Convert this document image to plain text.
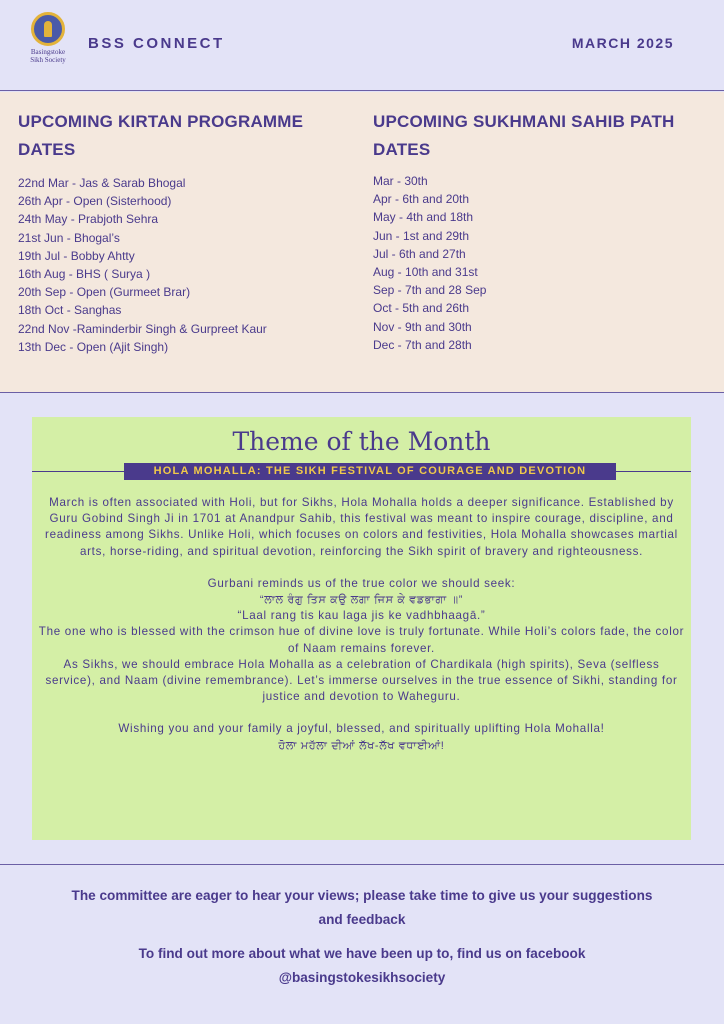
Basingstoke
Sikh Society
BSS CONNECT	MARCH 2025
UPCOMING KIRTAN PROGRAMME DATES
22nd Mar - Jas & Sarab Bhogal
26th Apr - Open (Sisterhood)
24th May - Prabjoth Sehra
21st Jun - Bhogal’s
19th Jul - Bobby Ahtty
16th Aug - BHS ( Surya )
20th Sep - Open (Gurmeet Brar)
18th Oct - Sanghas
22nd Nov -Raminderbir Singh & Gurpreet Kaur
13th Dec - Open (Ajit Singh)
UPCOMING SUKHMANI SAHIB PATH DATES
Mar - 30th
Apr - 6th and 20th
May - 4th and 18th
Jun - 1st and 29th
Jul - 6th and 27th
Aug - 10th and 31st
Sep - 7th and 28 Sep
Oct - 5th and 26th
Nov - 9th and 30th
Dec - 7th and 28th
Theme of the Month
HOLA MOHALLA: THE SIKH FESTIVAL OF COURAGE AND DEVOTION

March is often associated with Holi, but for Sikhs, Hola Mohalla holds a deeper significance. Established by Guru Gobind Singh Ji in 1701 at Anandpur Sahib, this festival was meant to inspire courage, discipline, and readiness among Sikhs. Unlike Holi, which focuses on colors and festivities, Hola Mohalla showcases martial arts, horse-riding, and spiritual devotion, reinforcing the Sikh spirit of bravery and righteousness.

Gurbani reminds us of the true color we should seek:

“ਲਾਲ ਰੰਗੁ ਤਿਸ ਕਉ ਲਗਾ ਜਿਸ ਕੇ ਵਡਭਾਗਾ ॥”

“Laal rang tis kau laga jis ke vadhbhaagā.”

The one who is blessed with the crimson hue of divine love is truly fortunate. While Holi’s colors fade, the color of Naam remains forever.

As Sikhs, we should embrace Hola Mohalla as a celebration of Chardikala (high spirits), Seva (selfless service), and Naam (divine remembrance). Let’s immerse ourselves in the true essence of Sikhi, standing for justice and devotion to Waheguru.

Wishing you and your family a joyful, blessed, and spiritually uplifting Hola Mohalla!

ਹੋਲਾ ਮਹੱਲਾ ਦੀਆਂ ਲੱਖ-ਲੱਖ ਵਧਾਈਆਂ!

The committee are eager to hear your views; please take time to give us your suggestions and feedback

To find out more about what we have been up to, find us on facebook @basingstokesikhsociety
